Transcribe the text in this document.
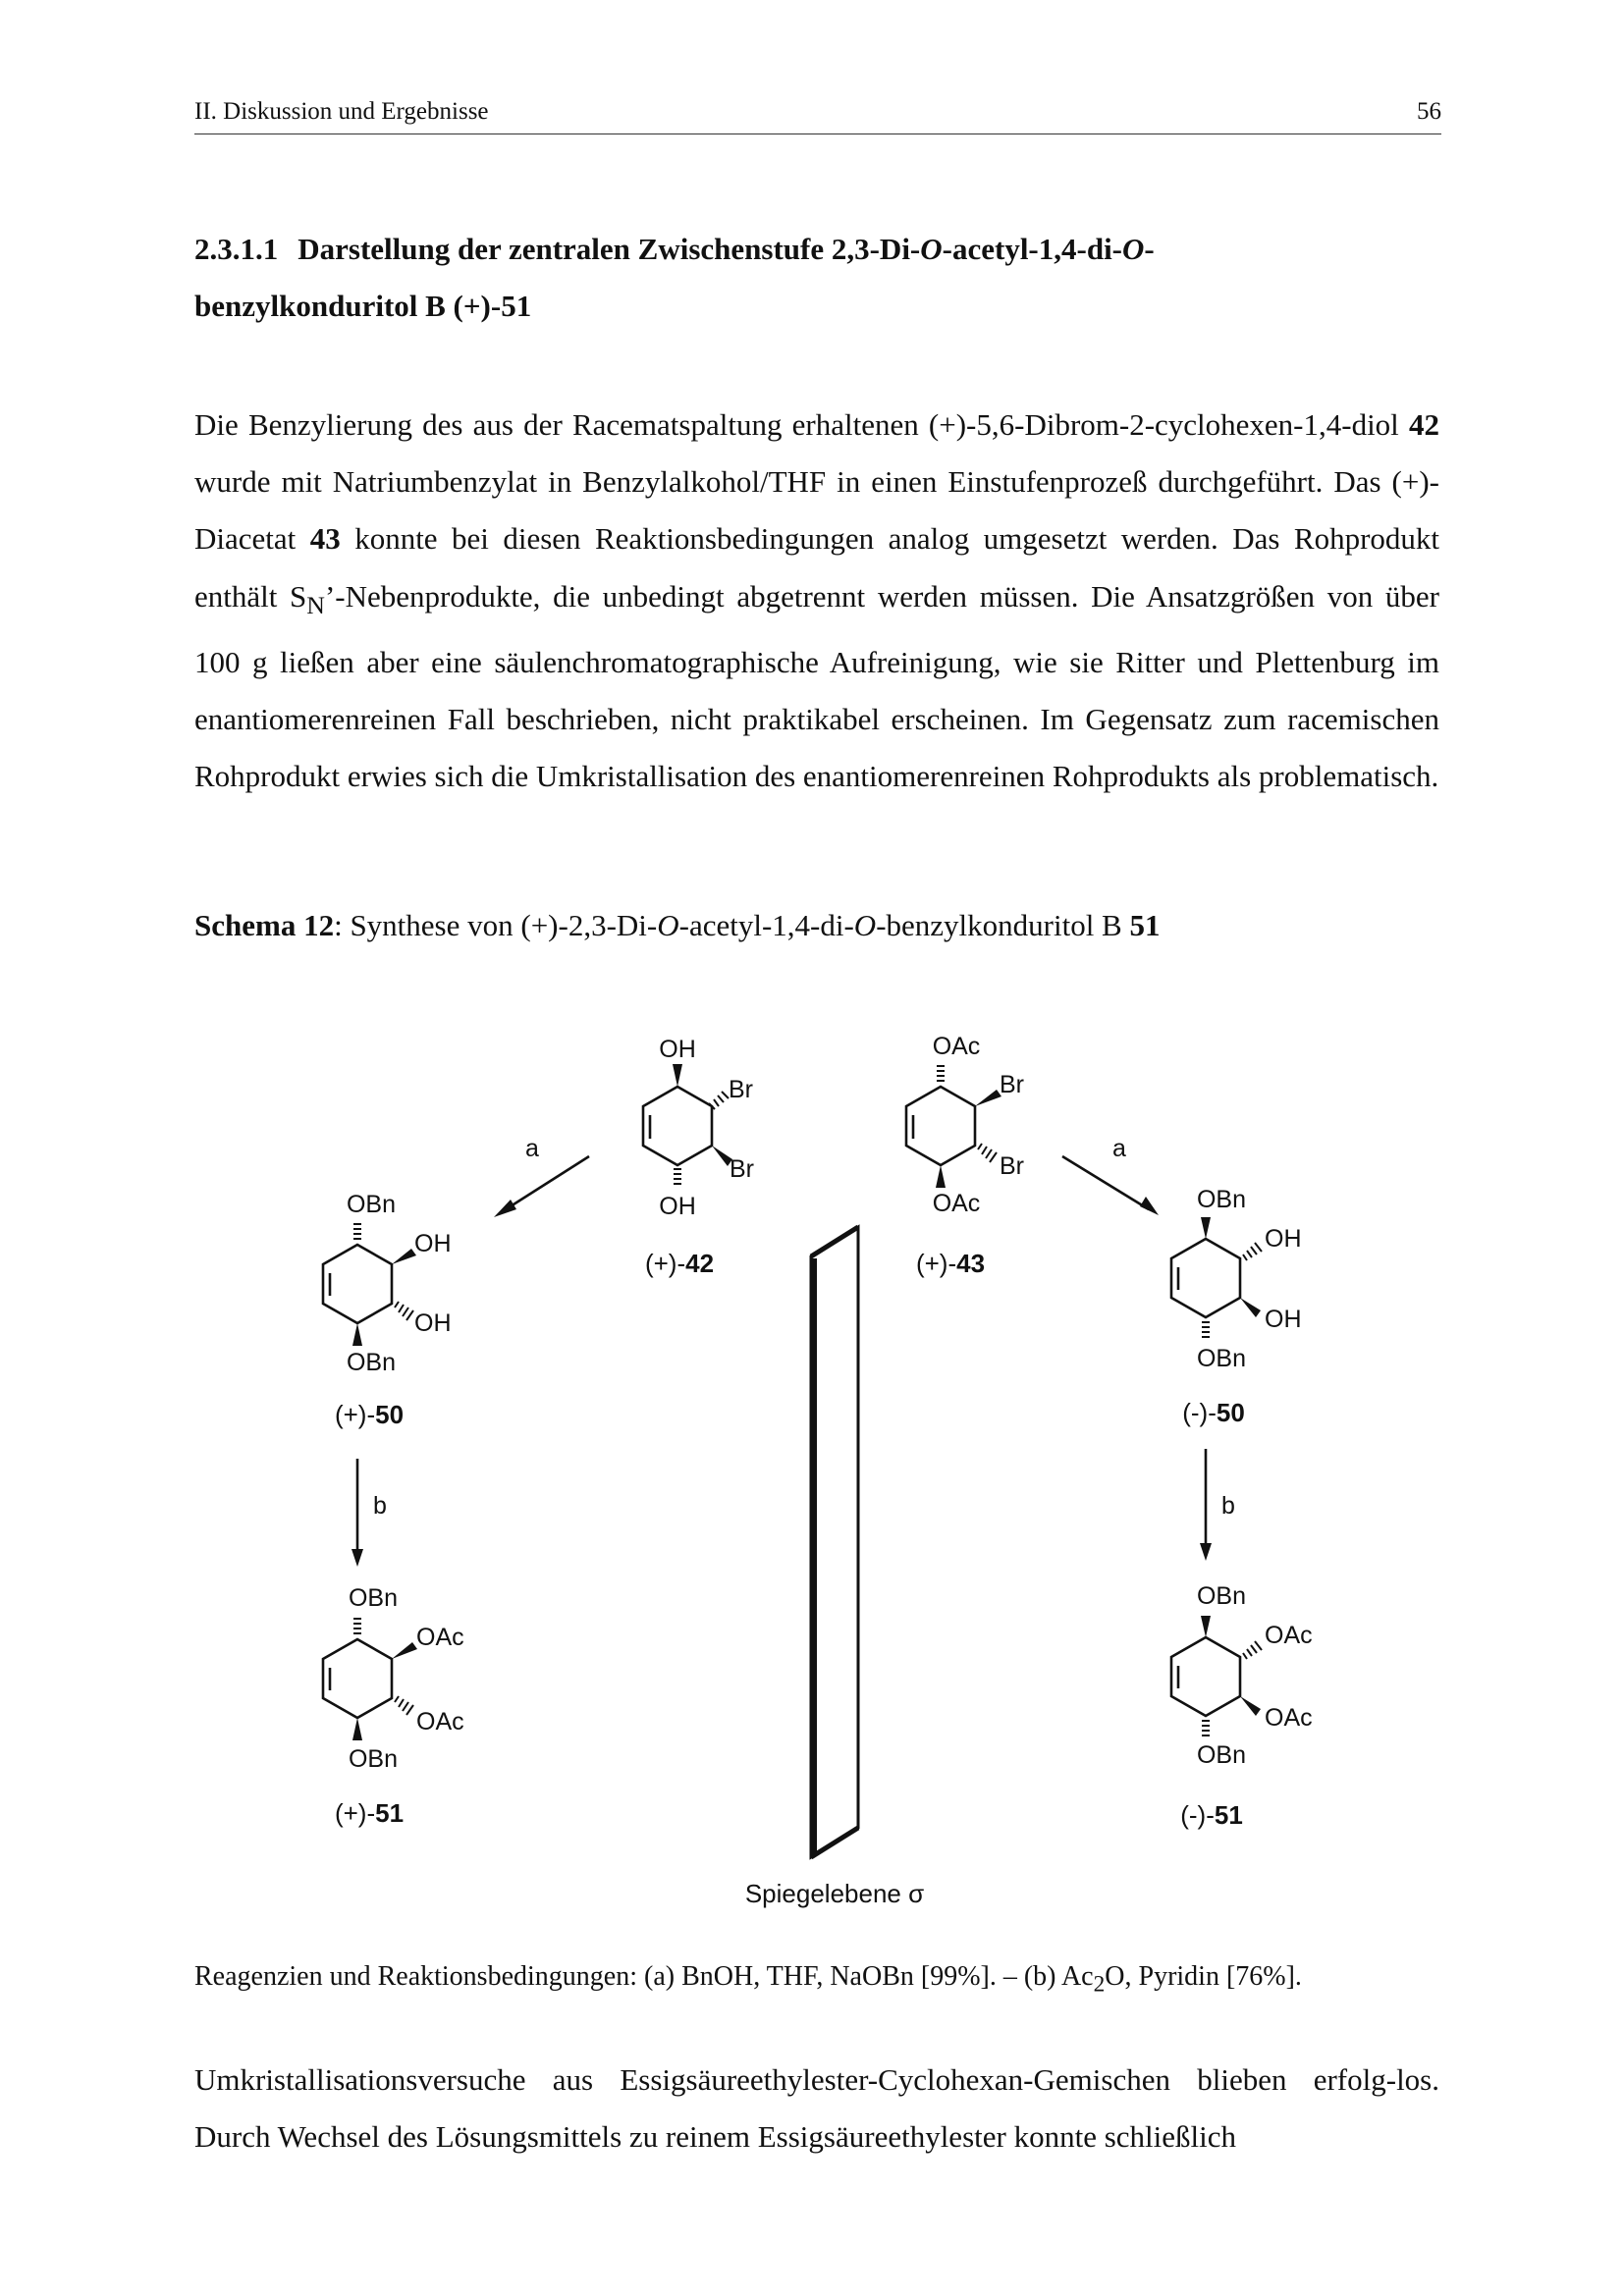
II. Diskussion und Ergebnisse	56
2.3.1.1 Darstellung der zentralen Zwischenstufe 2,3-Di-O-acetyl-1,4-di-O-
benzylkonduritol B (+)-51
Die Benzylierung des aus der Racematspaltung erhaltenen (+)-5,6-Dibrom-2-cyclohexen-1,4-diol 42 wurde mit Natriumbenzylat in Benzylalkohol/THF in einen Einstufenprozeß durchgeführt. Das (+)-Diacetat 43 konnte bei diesen Reaktionsbedingungen analog umgesetzt werden. Das Rohprodukt enthält $S_N$’-Nebenprodukte, die unbedingt abgetrennt werden müssen. Die Ansatzgrößen von über 100 g ließen aber eine säulenchromatographische Aufreinigung, wie sie Ritter und Plettenburg im enantiomerenreinen Fall beschrieben, nicht praktikabel erscheinen. Im Gegensatz zum racemischen Rohprodukt erwies sich die Umkristallisation des enantiomerenreinen Rohprodukts als problematisch.
Schema 12: Synthese von (+)-2,3-Di-O-acetyl-1,4-di-O-benzylkonduritol B 51
OH
Br
Br
OH
(+)-42
OAc
Br
Br
OAc
(+)-43
a	a
OBn
OH
OH
OBn
(+)-50
OBn
OH
OH
OBn
(-)-50
b	b
OBn
OAc
OAc
OBn
(+)-51
OBn
OAc
OAc
OBn
(-)-51
Spiegelebene σ
Reagenzien und Reaktionsbedingungen: (a) BnOH, THF, NaOBn [99%]. – (b) $Ac_2O$, Pyridin [76%].
Umkristallisationsversuche aus Essigsäureethylester-Cyclohexan-Gemischen blieben erfolg-los. Durch Wechsel des Lösungsmittels zu reinem Essigsäureethylester konnte schließlich
